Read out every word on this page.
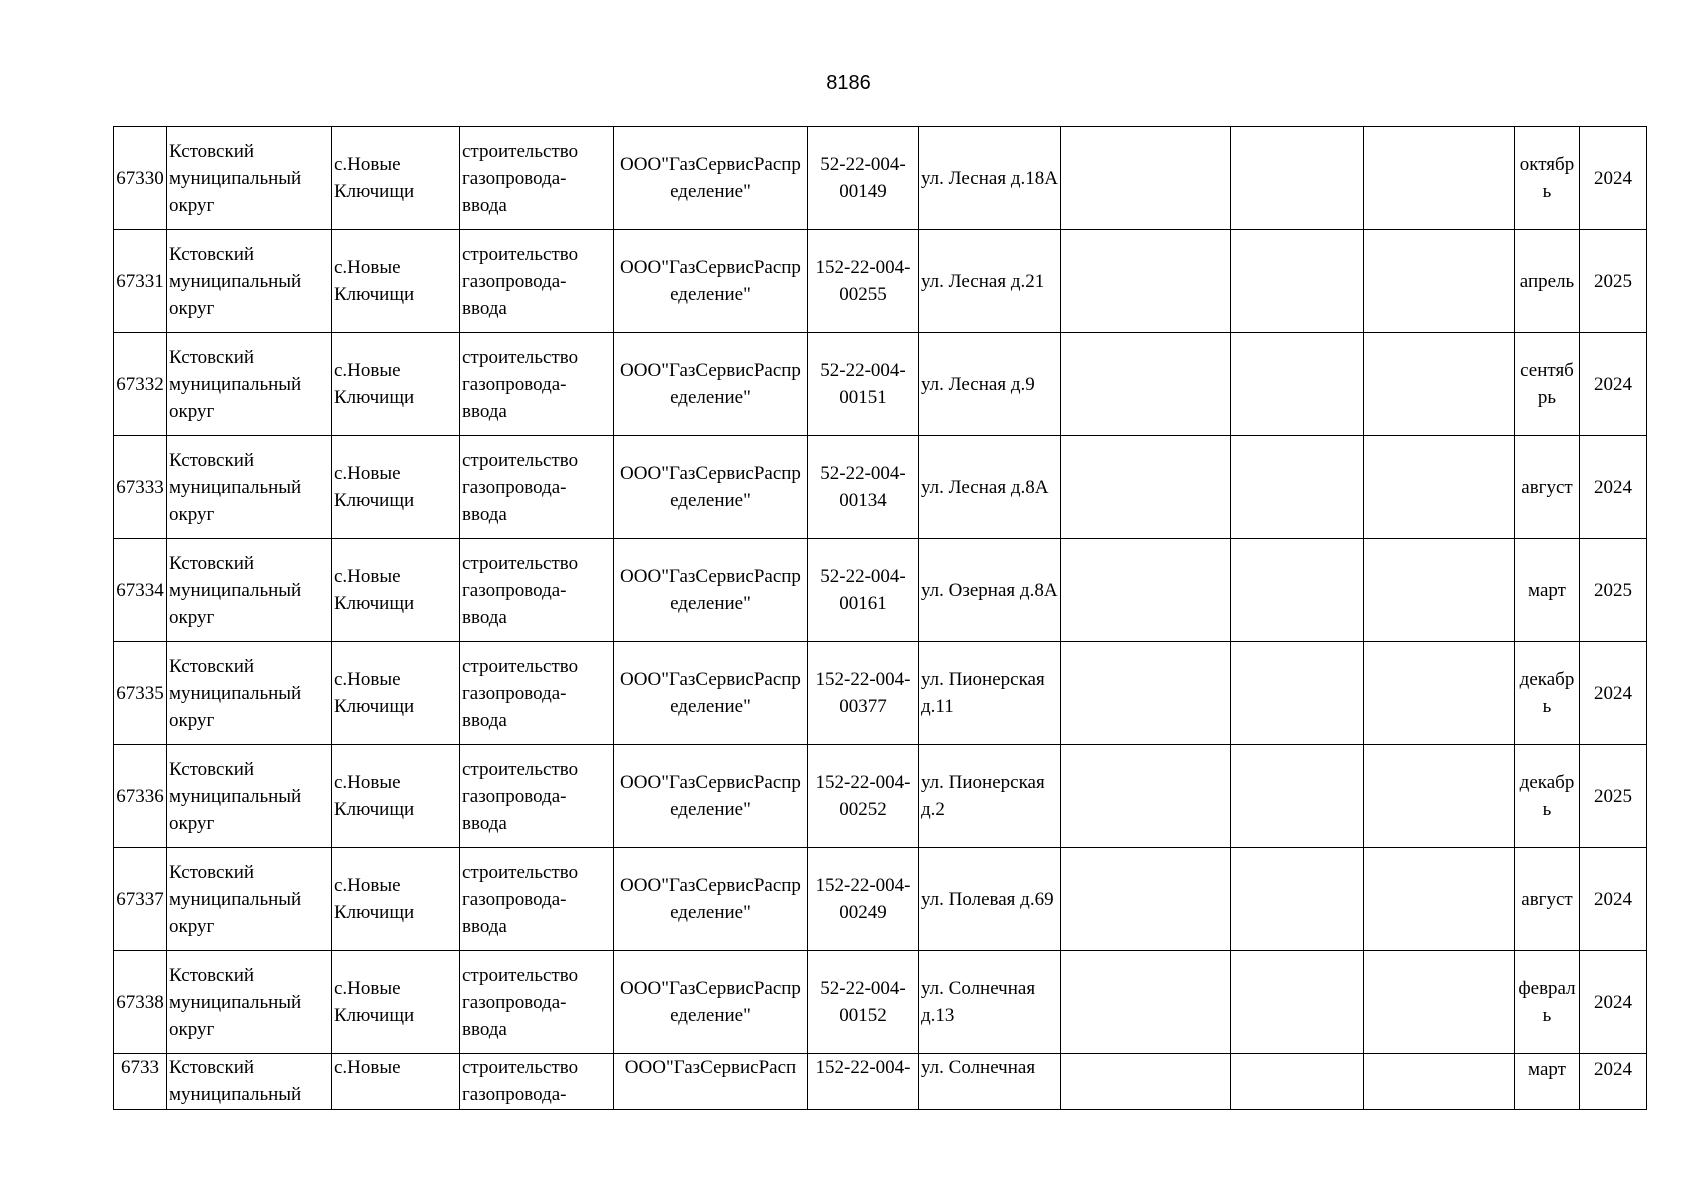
8186
67330	Кстовский муниципальный округ	с.Новые Ключищи	строительство газопровода-ввода	ООО"ГазСервисРаспределение"	52-22-004-00149	ул. Лесная д.18А				октябрь	2024

67331	Кстовский муниципальный округ	с.Новые Ключищи	строительство газопровода-ввода	ООО"ГазСервисРаспределение"	152-22-004-00255	ул. Лесная д.21				апрель	2025

67332	Кстовский муниципальный округ	с.Новые Ключищи	строительство газопровода-ввода	ООО"ГазСервисРаспределение"	52-22-004-00151	ул. Лесная д.9				сентябрь	2024

67333	Кстовский муниципальный округ	с.Новые Ключищи	строительство газопровода-ввода	ООО"ГазСервисРаспределение"	52-22-004-00134	ул. Лесная д.8А				август	2024

67334	Кстовский муниципальный округ	с.Новые Ключищи	строительство газопровода-ввода	ООО"ГазСервисРаспределение"	52-22-004-00161	ул. Озерная д.8А				март	2025

67335	Кстовский муниципальный округ	с.Новые Ключищи	строительство газопровода-ввода	ООО"ГазСервисРаспределение"	152-22-004-00377	ул. Пионерская д.11				декабрь	2024

67336	Кстовский муниципальный округ	с.Новые Ключищи	строительство газопровода-ввода	ООО"ГазСервисРаспределение"	152-22-004-00252	ул. Пионерская д.2				декабрь	2025

67337	Кстовский муниципальный округ	с.Новые Ключищи	строительство газопровода-ввода	ООО"ГазСервисРаспределение"	152-22-004-00249	ул. Полевая д.69				август	2024

67338	Кстовский муниципальный округ	с.Новые Ключищи	строительство газопровода-ввода	ООО"ГазСервисРаспределение"	52-22-004-00152	ул. Солнечная д.13				февраль	2024

6733	Кстовский муниципальный	с.Новые	строительство газопровода-	ООО"ГазСервисРасп	152-22-004-	ул. Солнечная				март	2024
